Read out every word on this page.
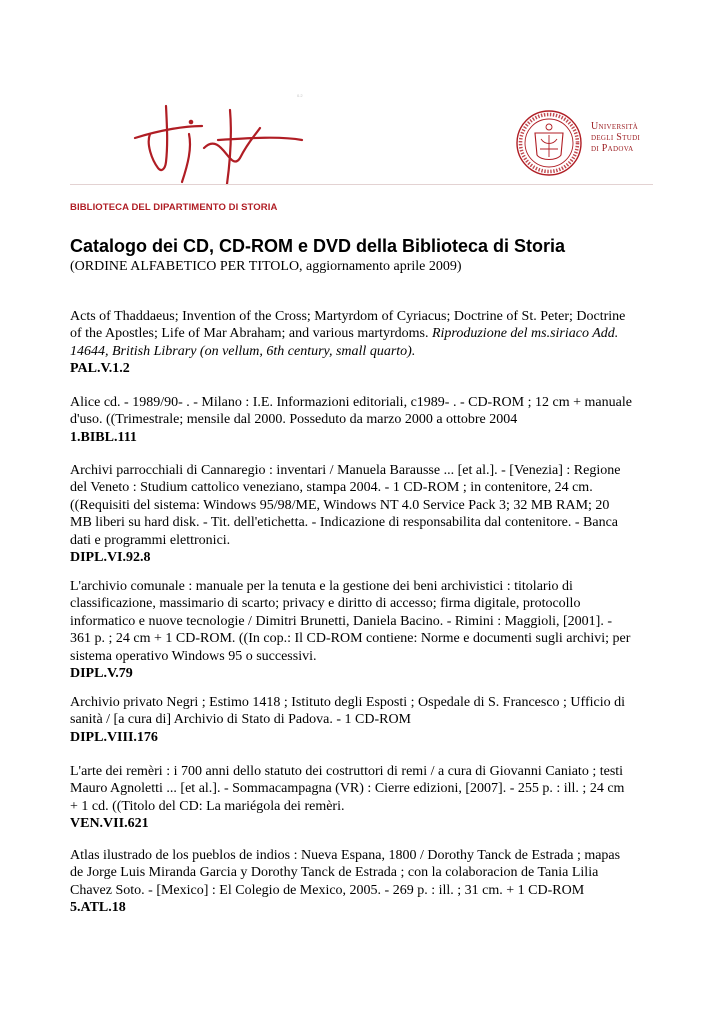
0.2
Università
degli Studi
di Padova
BIBLIOTECA DEL DIPARTIMENTO DI STORIA
Catalogo dei CD, CD-ROM e DVD della Biblioteca di Storia
(ORDINE ALFABETICO PER TITOLO, aggiornamento aprile 2009)

Acts of Thaddaeus; Invention of the Cross; Martyrdom of Cyriacus; Doctrine of St. Peter; Doctrine
of the Apostles; Life of Mar Abraham; and various martyrdoms. Riproduzione del ms.siriaco Add.
14644, British Library (on vellum, 6th century, small quarto).

PAL.V.1.2

Alice cd. - 1989/90- . - Milano : I.E. Informazioni editoriali, c1989- . - CD-ROM ; 12 cm + manuale
d'uso. ((Trimestrale; mensile dal 2000. Posseduto da marzo 2000 a ottobre 2004

1.BIBL.111

Archivi parrocchiali di Cannaregio : inventari / Manuela Barausse ... [et al.]. - [Venezia] : Regione
del Veneto : Studium cattolico veneziano, stampa 2004. - 1 CD-ROM ; in contenitore, 24 cm.
((Requisiti del sistema: Windows 95/98/ME, Windows NT 4.0 Service Pack 3; 32 MB RAM; 20
MB liberi su hard disk. - Tit. dell'etichetta. - Indicazione di responsabilita dal contenitore. - Banca
dati e programmi elettronici.

DIPL.VI.92.8

L'archivio comunale : manuale per la tenuta e la gestione dei beni archivistici : titolario di
classificazione, massimario di scarto; privacy e diritto di accesso; firma digitale, protocollo
informatico e nuove tecnologie / Dimitri Brunetti, Daniela Bacino. - Rimini : Maggioli, [2001]. -
361 p. ; 24 cm + 1 CD-ROM. ((In cop.: Il CD-ROM contiene: Norme e documenti sugli archivi; per
sistema operativo Windows 95 o successivi.

DIPL.V.79

Archivio privato Negri ; Estimo 1418 ; Istituto degli Esposti ; Ospedale di S. Francesco ; Ufficio di
sanità / [a cura di] Archivio di Stato di Padova. - 1 CD-ROM

DIPL.VIII.176

L'arte dei remèri : i 700 anni dello statuto dei costruttori di remi / a cura di Giovanni Caniato ; testi
Mauro Agnoletti ... [et al.]. - Sommacampagna (VR) : Cierre edizioni, [2007]. - 255 p. : ill. ; 24 cm
+ 1 cd. ((Titolo del CD: La mariégola dei remèri.

VEN.VII.621

Atlas ilustrado de los pueblos de indios : Nueva Espana, 1800 / Dorothy Tanck de Estrada ; mapas
de Jorge Luis Miranda Garcia y Dorothy Tanck de Estrada ; con la colaboracion de Tania Lilia
Chavez Soto. - [Mexico] : El Colegio de Mexico, 2005. - 269 p. : ill. ; 31 cm. + 1 CD-ROM

5.ATL.18
